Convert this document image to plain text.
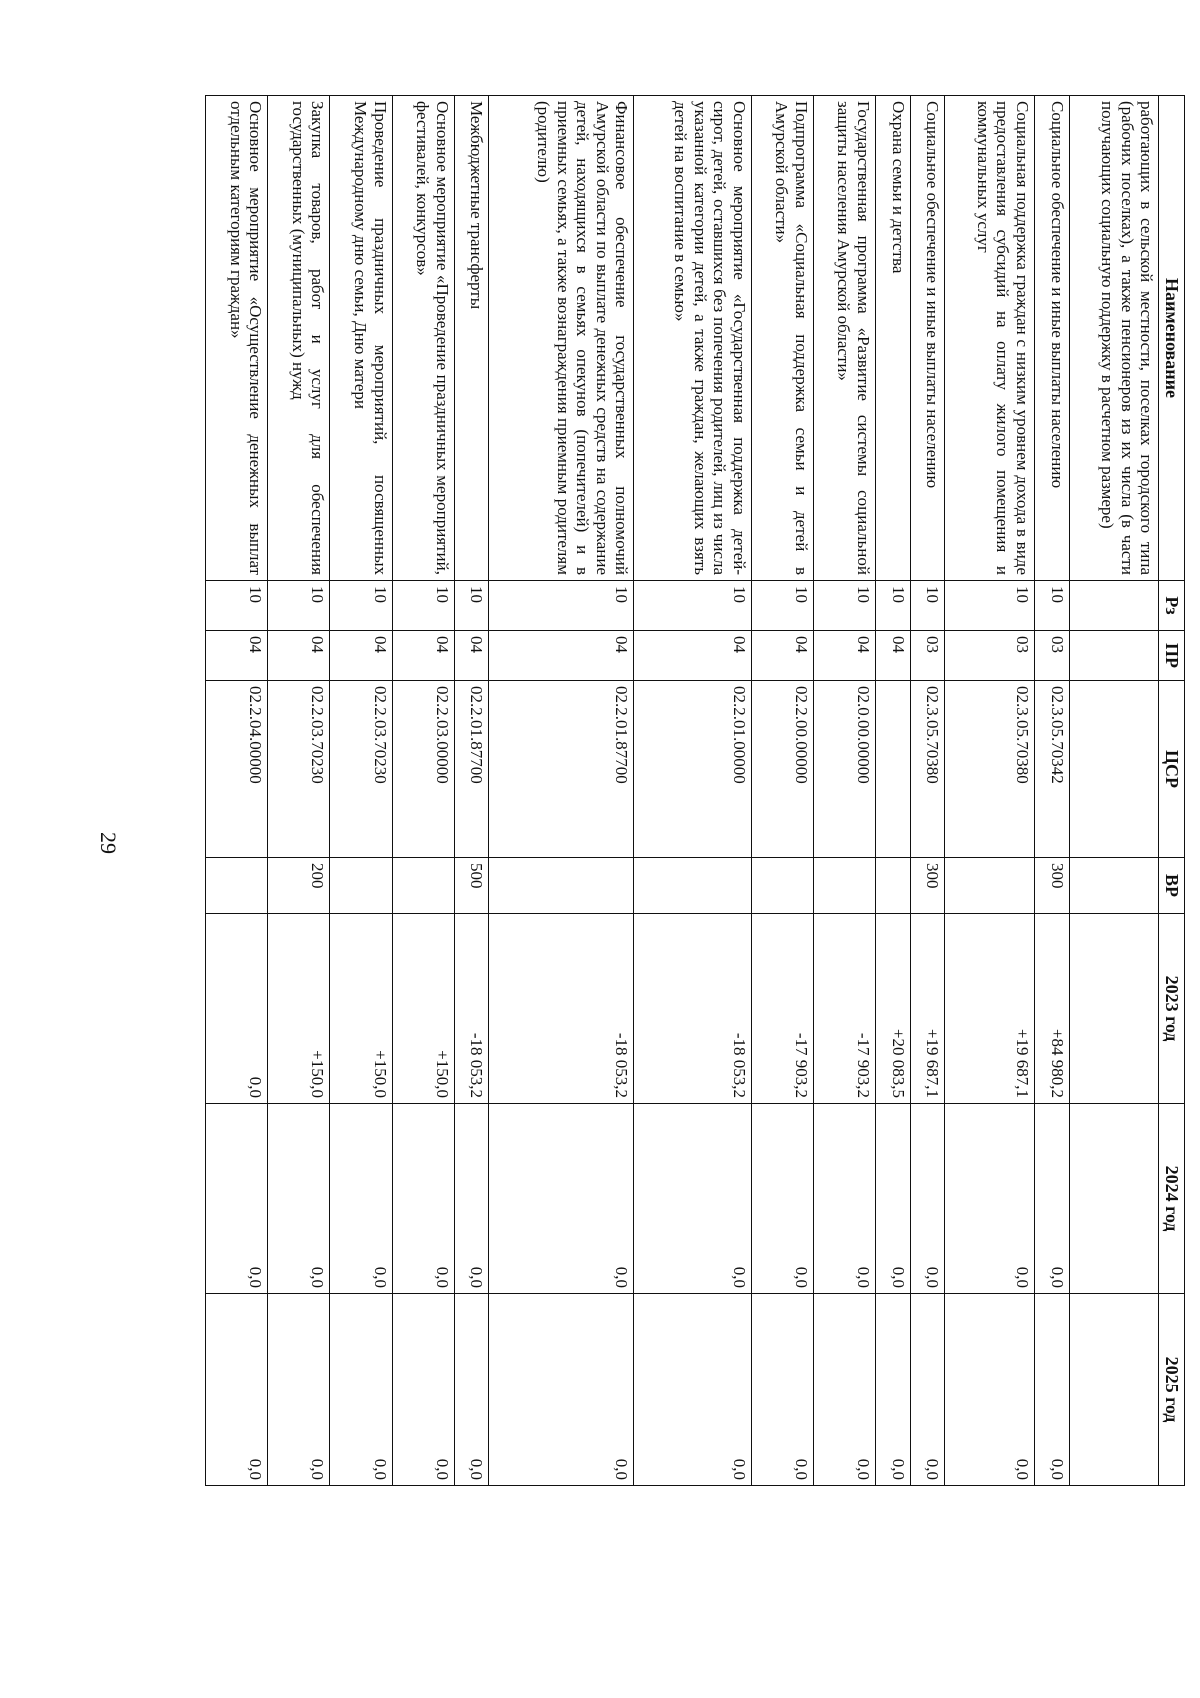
29
Наименование	Рз	ПР	ЦСР	ВР	2023 год	2024 год	2025 год
работающих в сельской местности, поселках городского типа (рабочих поселках), а также пенсионеров из их числа (в части получающих социальную поддержку в расчетном размере)							
Социальное обеспечение и иные выплаты населению	10	03	02.3.05.70342	300	+84 980,2	0,0	0,0
Социальная поддержка граждан с низким уровнем дохода в виде предоставления субсидий на оплату жилого помещения и коммунальных услуг	10	03	02.3.05.70380		+19 687,1	0,0	0,0
Социальное обеспечение и иные выплаты населению	10	03	02.3.05.70380	300	+19 687,1	0,0	0,0
Охрана семьи и детства	10	04			+20 083,5	0,0	0,0
Государственная программа «Развитие системы социальной защиты населения Амурской области»	10	04	02.0.00.00000		-17 903,2	0,0	0,0
Подпрограмма «Социальная поддержка семьи и детей в Амурской области»	10	04	02.2.00.00000		-17 903,2	0,0	0,0
Основное мероприятие «Государственная поддержка детей-сирот, детей, оставшихся без попечения родителей, лиц из числа указанной категории детей, а также граждан, желающих взять детей на воспитание в семью»	10	04	02.2.01.00000		-18 053,2	0,0	0,0
Финансовое обеспечение государственных полномочий Амурской области по выплате денежных средств на содержание детей, находящихся в семьях опекунов (попечителей) и в приемных семьях, а также вознаграждения приемным родителям (родителю)	10	04	02.2.01.87700		-18 053,2	0,0	0,0
Межбюджетные трансферты	10	04	02.2.01.87700	500	-18 053,2	0,0	0,0
Основное мероприятие «Проведение праздничных мероприятий, фестивалей, конкурсов»	10	04	02.2.03.00000		+150,0	0,0	0,0
Проведение праздничных мероприятий, посвященных Международному дню семьи, Дню матери	10	04	02.2.03.70230		+150,0	0,0	0,0
Закупка товаров, работ и услуг для обеспечения государственных (муниципальных) нужд	10	04	02.2.03.70230	200	+150,0	0,0	0,0
Основное мероприятие «Осуществление денежных выплат отдельным категориям граждан»	10	04	02.2.04.00000		0,0	0,0	0,0
